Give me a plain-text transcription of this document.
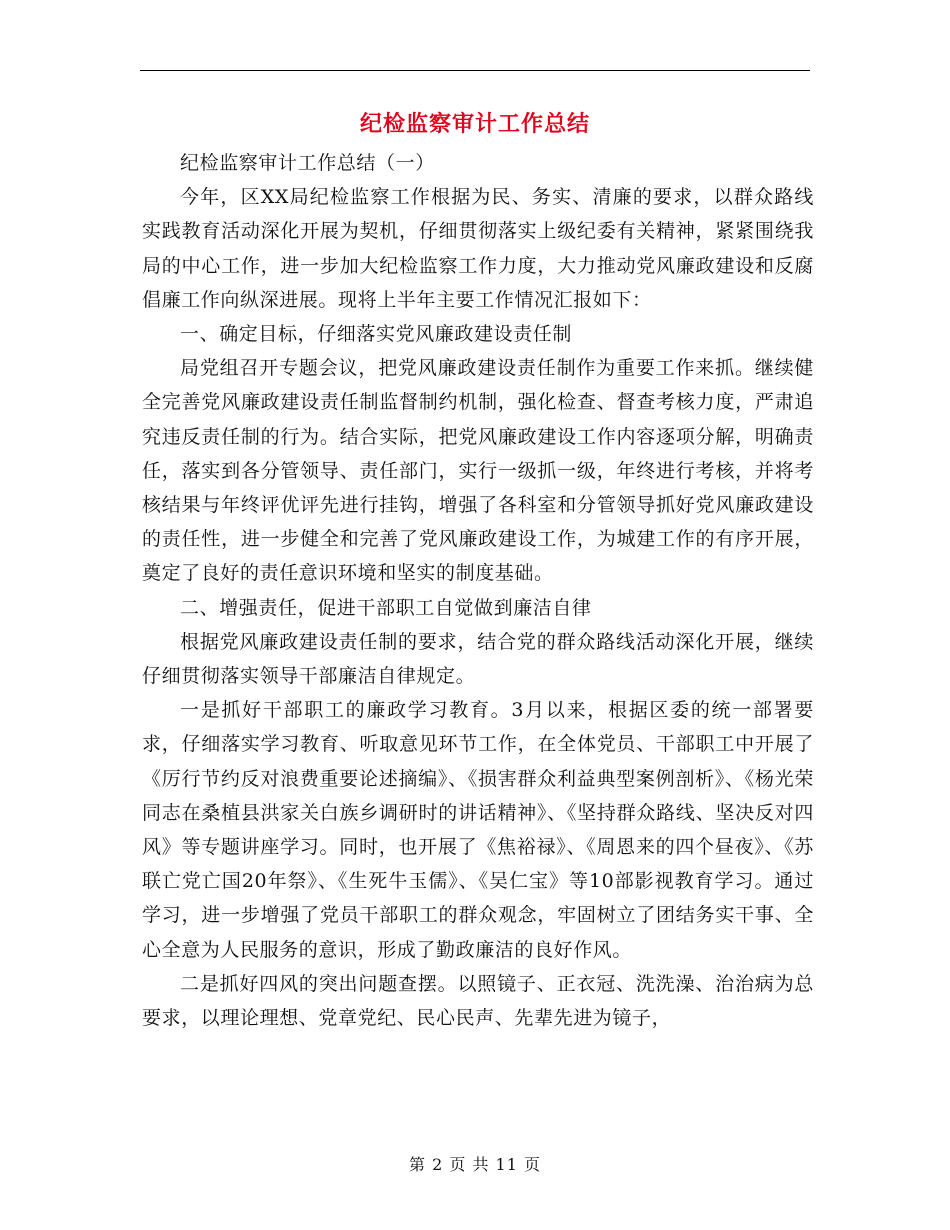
纪检监察审计工作总结

纪检监察审计工作总结（一）

今年，区XX局纪检监察工作根据为民、务实、清廉的要求，以群众路线实践教育活动深化开展为契机，仔细贯彻落实上级纪委有关精神，紧紧围绕我局的中心工作，进一步加大纪检监察工作力度，大力推动党风廉政建设和反腐倡廉工作向纵深进展。现将上半年主要工作情况汇报如下：

一、确定目标，仔细落实党风廉政建设责任制

局党组召开专题会议，把党风廉政建设责任制作为重要工作来抓。继续健全完善党风廉政建设责任制监督制约机制，强化检查、督查考核力度，严肃追究违反责任制的行为。结合实际，把党风廉政建设工作内容逐项分解，明确责任，落实到各分管领导、责任部门，实行一级抓一级，年终进行考核，并将考核结果与年终评优评先进行挂钩，增强了各科室和分管领导抓好党风廉政建设的责任性，进一步健全和完善了党风廉政建设工作，为城建工作的有序开展，奠定了良好的责任意识环境和坚实的制度基础。

二、增强责任，促进干部职工自觉做到廉洁自律

根据党风廉政建设责任制的要求，结合党的群众路线活动深化开展，继续仔细贯彻落实领导干部廉洁自律规定。

一是抓好干部职工的廉政学习教育。3月以来，根据区委的统一部署要求，仔细落实学习教育、听取意见环节工作，在全体党员、干部职工中开展了《厉行节约反对浪费重要论述摘编》、《损害群众利益典型案例剖析》、《杨光荣同志在桑植县洪家关白族乡调研时的讲话精神》、《坚持群众路线、坚决反对四风》等专题讲座学习。同时，也开展了《焦裕禄》、《周恩来的四个昼夜》、《苏联亡党亡国20年祭》、《生死牛玉儒》、《吴仁宝》等10部影视教育学习。通过学习，进一步增强了党员干部职工的群众观念，牢固树立了团结务实干事、全心全意为人民服务的意识，形成了勤政廉洁的良好作风。

二是抓好四风的突出问题查摆。以照镜子、正衣冠、洗洗澡、治治病为总要求，以理论理想、党章党纪、民心民声、先辈先进为镜子，

第 2 页 共 11 页
